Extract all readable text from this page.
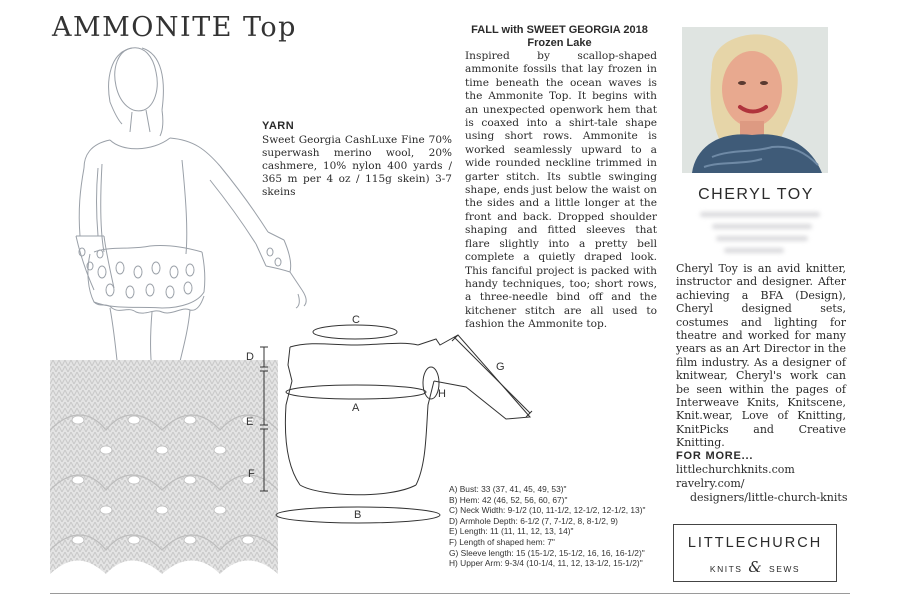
AMMONITE Top
YARN
Sweet Georgia CashLuxe Fine 70% superwash merino wool, 20% cashmere, 10% nylon 400 yards / 365 m per 4 oz / 115g skein) 3-7 skeins
FALL with SWEET GEORGIA 2018
Frozen Lake
Inspired by scallop-shaped ammonite fossils that lay frozen in time beneath the ocean waves is the Ammonite Top. It begins with an unexpected openwork hem that is coaxed into a shirt-tale shape using short rows. Ammonite is worked seamlessly upward to a wide rounded neckline trimmed in garter stitch. Its subtle swinging shape, ends just below the waist on the sides and a little longer at the front and back. Dropped shoulder shaping and fitted sleeves that flare slightly into a pretty bell complete a quietly draped look. This fanciful project is packed with handy techniques, too; short rows, a three-needle bind off and the kitchener stitch are all used to fashion the Ammonite top.
CHERYL TOY
Cheryl Toy is an avid knitter, instructor and designer. After achieving a BFA (Design), Cheryl designed sets, costumes and lighting for theatre and worked for many years as an Art Director in the film industry. As a designer of knitwear, Cheryl's work can be seen within the pages of Interweave Knits, Knitscene, Knit.wear, Love of Knitting, KnitPicks and Creative Knitting.
FOR MORE...
littlechurchknits.com
ravelry.com/
designers/little-church-knits
LITTLECHURCH
KNITS & SEWS
C
A
B
D
E
F
G
H
A) Bust: 33 (37, 41, 45, 49, 53)"
B) Hem: 42 (46, 52, 56, 60, 67)"
C) Neck Width: 9-1/2 (10, 11-1/2, 12-1/2, 12-1/2, 13)"
D) Armhole Depth: 6-1/2 (7, 7-1/2, 8, 8-1/2, 9)
E) Length: 11 (11, 11, 12, 13, 14)"
F) Length of shaped hem: 7"
G) Sleeve length: 15 (15-1/2, 15-1/2, 16, 16, 16-1/2)"
H) Upper Arm: 9-3/4 (10-1/4, 11, 12, 13-1/2, 15-1/2)"
